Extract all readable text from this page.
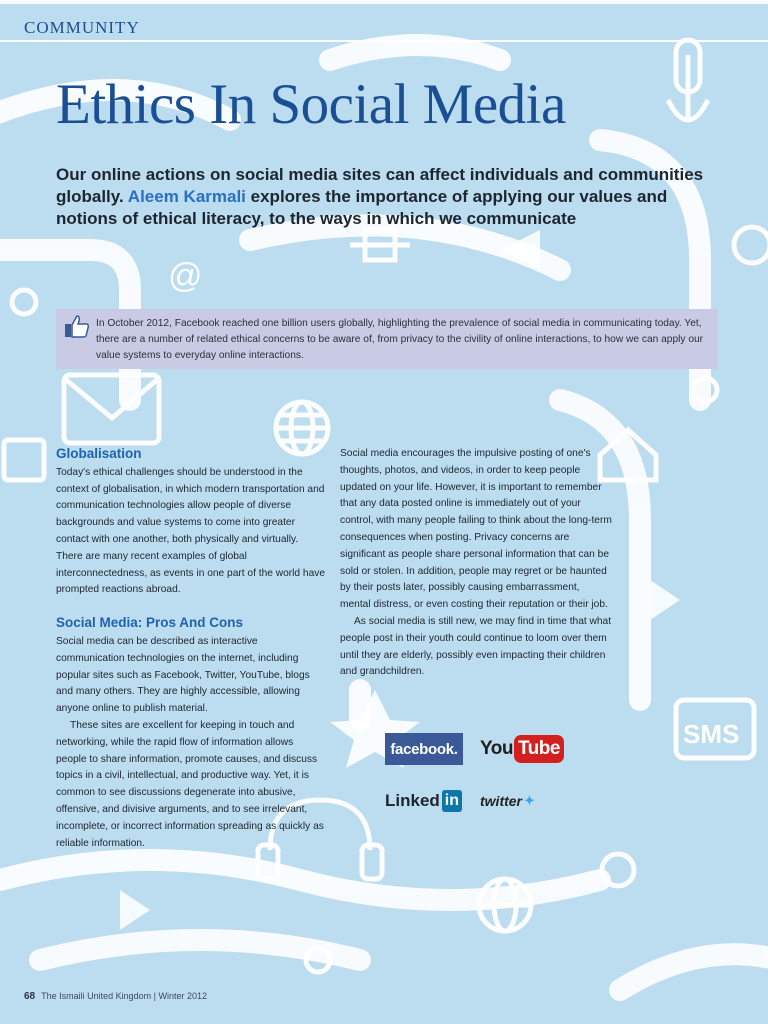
@
SMS
COMMUNITY
Ethics In Social Media
Our online actions on social media sites can affect individuals and communities globally. Aleem Karmali explores the importance of applying our values and notions of ethical literacy, to the ways in which we communicate
In October 2012, Facebook reached one billion users globally, highlighting the prevalence of social media in communicating today. Yet, there are a number of related ethical concerns to be aware of, from privacy to the civility of online interactions, to how we can apply our value systems to everyday online interactions.
Globalisation

Today's ethical challenges should be understood in the context of globalisation, in which modern transportation and communication technologies allow people of diverse backgrounds and value systems to come into greater contact with one another, both physically and virtually. There are many recent examples of global interconnectedness, as events in one part of the world have prompted reactions abroad.

Social Media: Pros And Cons

Social media can be described as interactive communication technologies on the internet, including popular sites such as Facebook, Twitter, YouTube, blogs and many others. They are highly accessible, allowing anyone online to publish material.

These sites are excellent for keeping in touch and networking, while the rapid flow of information allows people to share information, promote causes, and discuss topics in a civil, intellectual, and productive way. Yet, it is common to see discussions degenerate into abusive, offensive, and divisive arguments, and to see irrelevant, incomplete, or incorrect information spreading as quickly as reliable information.

Social media encourages the impulsive posting of one's thoughts, photos, and videos, in order to keep people updated on your life. However, it is important to remember that any data posted online is immediately out of your control, with many people failing to think about the long-term consequences when posting. Privacy concerns are significant as people share personal information that can be sold or stolen. In addition, people may regret or be haunted by their posts later, possibly causing embarrassment, mental distress, or even costing their reputation or their job.

As social media is still new, we may find in time that what people post in their youth could continue to loom over them until they are elderly, possibly even impacting their children and grandchildren.

facebook. You Tube
Linked in twitter ✦
68 The Ismaili United Kingdom | Winter 2012
